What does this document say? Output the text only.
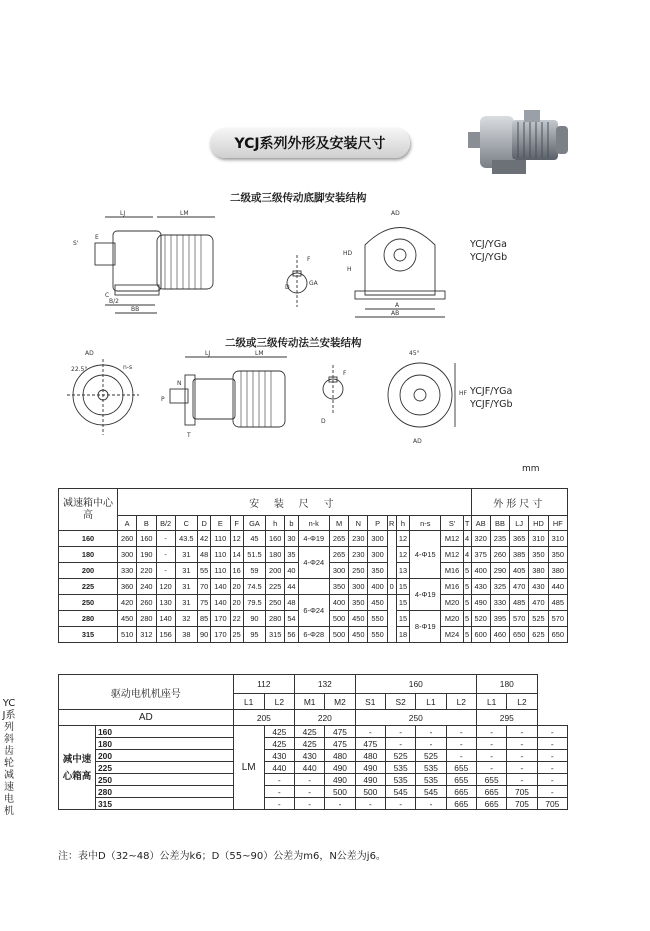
YCJ系列外形及安装尺寸
二级或三级传动底脚安装结构
LJ	LM
S'
E
B/2
BB
C
F
GA
D
AD
H
HD
A
AB
YCJ/YGa
YCJ/YGb
二级或三级传动法兰安装结构
AD
22.5°	n-s
LJ	LM
P
N
T
F
D
45°
AD
HF YCJF/YGa
YCJF/YGb
mm
减速箱中心高	安 装 尺 寸																			外形尺寸				
	A	B	B/2	C	D	E	F	GA	h	b	n-k	M	N	P	R	h	n-s	S'	T	AB	BB	LJ	HD	HF
160	260	160	-	43.5	42	110	12	45	160	30	4-Φ19	265	230	300		12	4-Φ15	M12	4	320	235	365	310	310
180	300	190	-	31	48	110	14	51.5	180	35	4-Φ24	265	230	300		12		M12	4	375	260	385	350	350
200	330	220	-	31	55	110	16	59	200	40		300	250	350		13		M16	5	400	290	405	380	380
225	360	240	120	31	70	140	20	74.5	225	44		350	300	400	0	15	4-Φ19	M16	5	430	325	470	430	440
250	420	260	130	31	75	140	20	79.5	250	48	6-Φ24	400	350	450		15		M20	5	490	330	485	470	485
280	450	280	140	32	85	170	22	90	280	54		500	450	550		15	8-Φ19	M20	5	520	395	570	525	570
315	510	312	156	38	90	170	25	95	315	56	6-Φ28	500	450	550		18		M24	5	600	460	650	625	650
驱动电机机座号		112		132		160				180		
		L1	L2	M1	M2	S1	S2	L1	L2	L1	L2	
AD		205		220		250				295		
减中速心箱高	160	LM	425	425	475	-	-	-	-	-	-	-
	180		425	425	475	475	-	-	-	-	-	-
	200		430	430	480	480	525	525	-	-	-	-
	225		440	440	490	490	535	535	655	-	-	-
	250		-	-	490	490	535	535	655	655	-	-
	280		-	-	500	500	545	545	665	665	705	-
	315		-	-	-	-	-	-	665	665	705	705
YCJ系列斜齿轮减速电机
注：表中D（32~48）公差为k6；D（55~90）公差为m6，N公差为j6。
